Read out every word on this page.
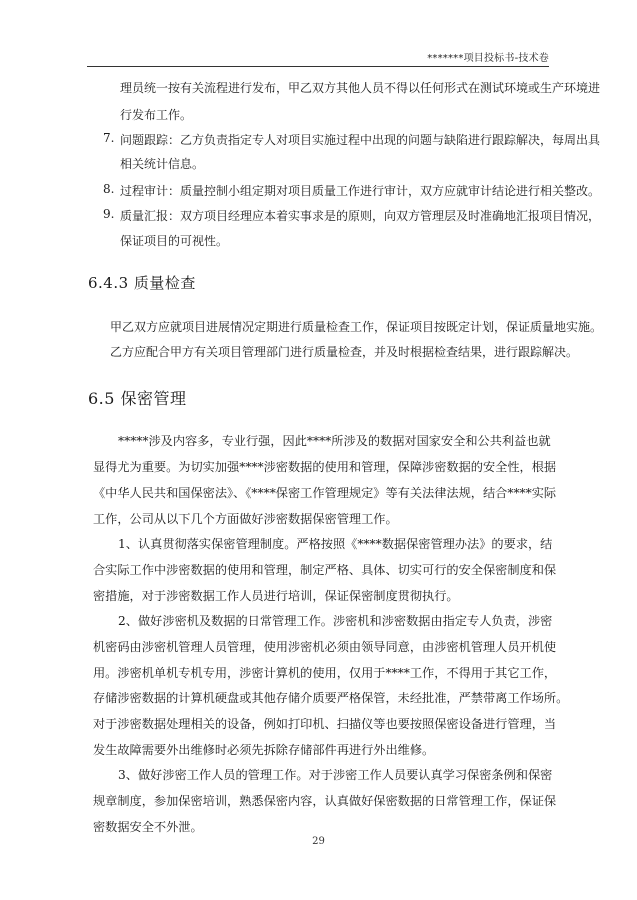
*******项目投标书-技术卷
理员统一按有关流程进行发布，甲乙双方其他人员不得以任何形式在测试环境或生产环境进
行发布工作。
7. 问题跟踪：乙方负责指定专人对项目实施过程中出现的问题与缺陷进行跟踪解决，每周出具
相关统计信息。
8. 过程审计：质量控制小组定期对项目质量工作进行审计，双方应就审计结论进行相关整改。
9. 质量汇报：双方项目经理应本着实事求是的原则，向双方管理层及时准确地汇报项目情况，
保证项目的可视性。
6.4.3 质量检查
甲乙双方应就项目进展情况定期进行质量检查工作，保证项目按既定计划，保证质量地实施。
乙方应配合甲方有关项目管理部门进行质量检查，并及时根据检查结果，进行跟踪解决。
6.5 保密管理
*****涉及内容多，专业行强，因此****所涉及的数据对国家安全和公共利益也就
显得尤为重要。为切实加强****涉密数据的使用和管理，保障涉密数据的安全性，根据
《中华人民共和国保密法》、《****保密工作管理规定》等有关法律法规，结合****实际
工作，公司从以下几个方面做好涉密数据保密管理工作。
1、认真贯彻落实保密管理制度。严格按照《****数据保密管理办法》的要求，结
合实际工作中涉密数据的使用和管理，制定严格、具体、切实可行的安全保密制度和保
密措施，对于涉密数据工作人员进行培训，保证保密制度贯彻执行。
2、做好涉密机及数据的日常管理工作。涉密机和涉密数据由指定专人负责，涉密
机密码由涉密机管理人员管理，使用涉密机必须由领导同意，由涉密机管理人员开机使
用。涉密机单机专机专用，涉密计算机的使用，仅用于****工作，不得用于其它工作，
存储涉密数据的计算机硬盘或其他存储介质要严格保管，未经批准，严禁带离工作场所。
对于涉密数据处理相关的设备，例如打印机、扫描仪等也要按照保密设备进行管理，当
发生故障需要外出维修时必须先拆除存储部件再进行外出维修。
3、做好涉密工作人员的管理工作。对于涉密工作人员要认真学习保密条例和保密
规章制度，参加保密培训，熟悉保密内容，认真做好保密数据的日常管理工作，保证保
密数据安全不外泄。
29
